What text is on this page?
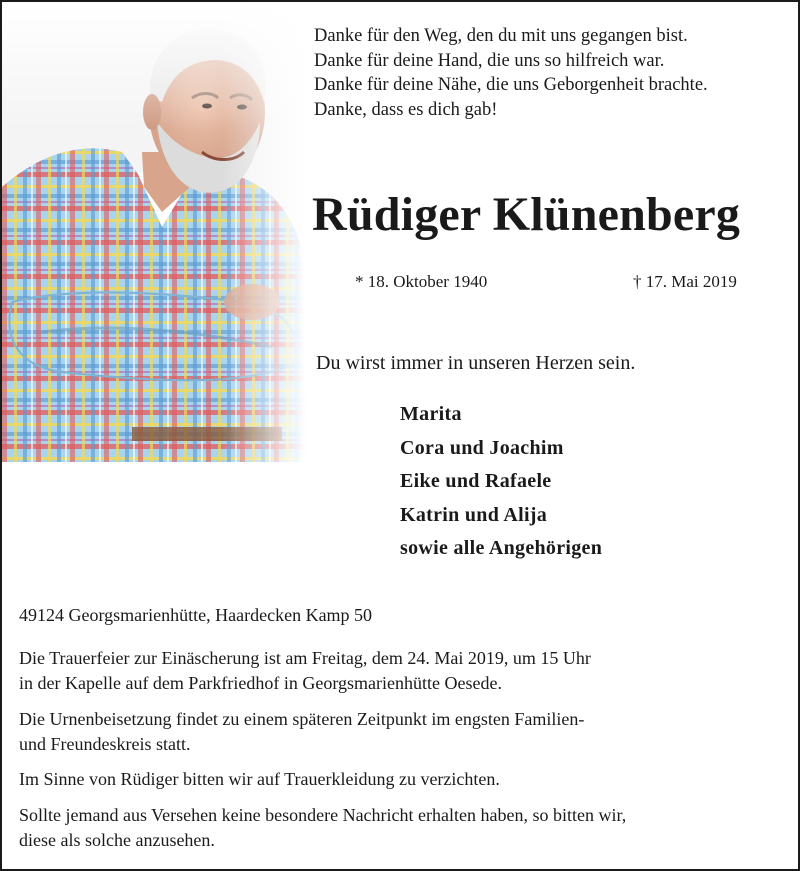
Danke für den Weg, den du mit uns gegangen bist.
Danke für deine Hand, die uns so hilfreich war.
Danke für deine Nähe, die uns Geborgenheit brachte.
Danke, dass es dich gab!
Rüdiger Klünenberg
* 18. Oktober 1940	† 17. Mai 2019
Du wirst immer in unseren Herzen sein.
Marita
Cora und Joachim
Eike und Rafaele
Katrin und Alija
sowie alle Angehörigen
49124 Georgsmarienhütte, Haardecken Kamp 50
Die Trauerfeier zur Einäscherung ist am Freitag, dem 24. Mai 2019, um 15 Uhr
in der Kapelle auf dem Parkfriedhof in Georgsmarienhütte Oesede.
Die Urnenbeisetzung findet zu einem späteren Zeitpunkt im engsten Familien-
und Freundeskreis statt.
Im Sinne von Rüdiger bitten wir auf Trauerkleidung zu verzichten.
Sollte jemand aus Versehen keine besondere Nachricht erhalten haben, so bitten wir,
diese als solche anzusehen.
